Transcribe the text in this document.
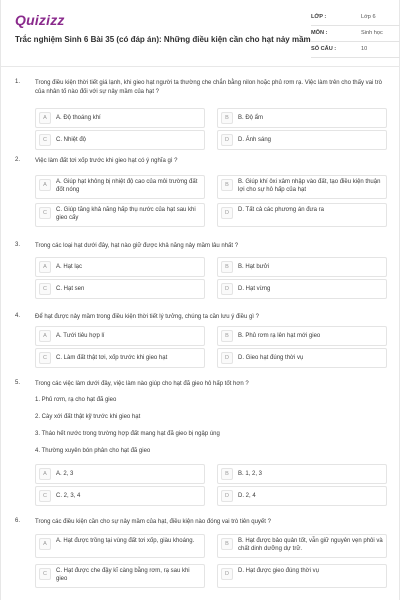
Quizizz
Trắc nghiệm Sinh 6 Bài 35 (có đáp án): Những điều kiện cần cho hạt nảy mầm
LỚP :	Lớp 6
MÔN :	Sinh học
SỐ CÂU :	10
1. Trong điều kiện thời tiết giá lạnh, khi gieo hạt người ta thường che chắn bằng nilon hoặc phủ rơm rạ. Việc làm trên cho thấy vai trò của nhân tố nào đối với sự nảy mầm của hạt ?
A	A. Độ thoáng khí	B	B. Độ ẩm
C	C. Nhiệt độ	D	D. Ánh sáng
2. Việc làm đất tơi xốp trước khi gieo hạt có ý nghĩa gì ?
A	A. Giúp hạt không bị nhiệt độ cao của môi trường đất đốt nóng
B	B. Giúp khí ôxi xâm nhập vào đất, tạo điều kiện thuận lợi cho sự hô hấp của hạt
C	C. Giúp tăng khả năng hấp thụ nước của hạt sau khi gieo cấy
D	D. Tất cả các phương án đưa ra
3. Trong các loại hạt dưới đây, hạt nào giữ được khả năng nảy mầm lâu nhất ?
A	A. Hạt lạc	B	B. Hạt bưởi
C	C. Hạt sen	D	D. Hạt vừng
4. Để hạt được nảy mầm trong điều kiện thời tiết lý tưởng, chúng ta cần lưu ý điều gì ?
A	A. Tưới tiêu hợp lí	B	B. Phủ rơm rạ lên hạt mới gieo
C	C. Làm đất thật tơi, xốp trước khi gieo hạt	D	D. Gieo hạt đúng thời vụ
5. Trong các việc làm dưới đây, việc làm nào giúp cho hạt đã gieo hô hấp tốt hơn ?
1. Phủ rơm, rạ cho hạt đã gieo
2. Cày xới đất thật kỹ trước khi gieo hạt
3. Tháo hết nước trong trường hợp đất mang hạt đã gieo bị ngập úng
4. Thường xuyên bón phân cho hạt đã gieo
A	A. 2, 3	B	B. 1, 2, 3
C	C. 2, 3, 4	D	D. 2, 4
6. Trong các điều kiện cần cho sự nảy mầm của hạt, điều kiện nào đóng vai trò tiên quyết ?
A	A. Hạt được trồng tại vùng đất tơi xốp, giàu khoáng.	B	B. Hạt được bảo quản tốt, vẫn giữ nguyên vẹn phôi và chất dinh dưỡng dự trữ.
C	C. Hạt được che đậy kĩ càng bằng rơm, rạ sau khi gieo
D	D. Hạt được gieo đúng thời vụ
